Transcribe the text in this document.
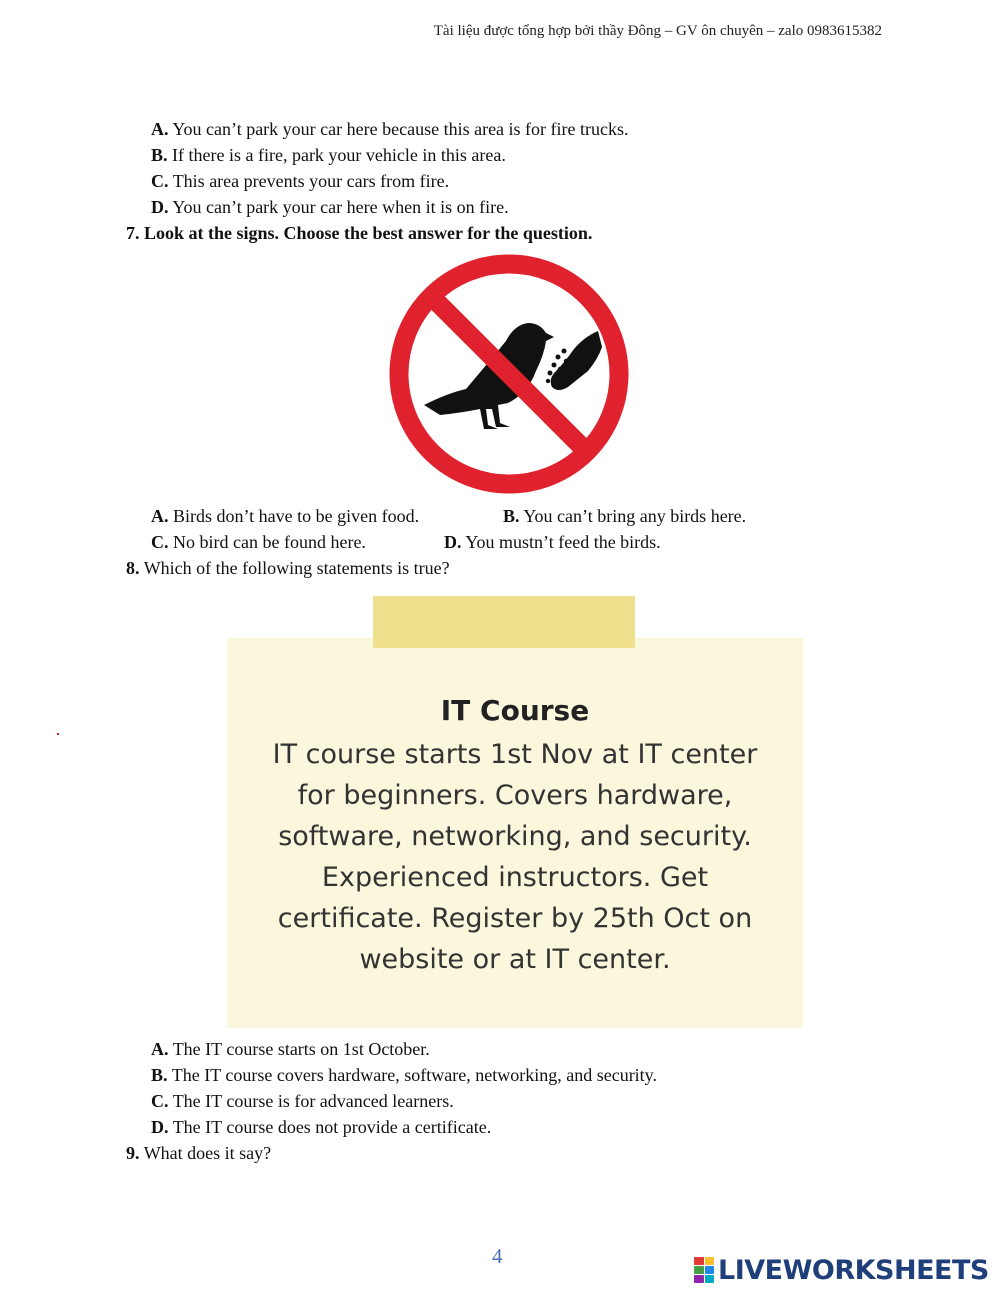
Tài liệu được tổng hợp bởi thầy Đông – GV ôn chuyên – zalo 0983615382
A. You can’t park your car here because this area is for fire trucks.
B. If there is a fire, park your vehicle in this area.
C. This area prevents your cars from fire.
D. You can’t park your car here when it is on fire.
7. Look at the signs. Choose the best answer for the question.
A. Birds don’t have to be given food.	B. You can’t bring any birds here.
C. No bird can be found here.	D. You mustn’t feed the birds.
8. Which of the following statements is true?
IT Course
IT course starts 1st Nov at IT center
for beginners. Covers hardware,
software, networking, and security.
Experienced instructors. Get
certificate. Register by 25th Oct on
website or at IT center.
A. The IT course starts on 1st October.
B. The IT course covers hardware, software, networking, and security.
C. The IT course is for advanced learners.
D. The IT course does not provide a certificate.
9. What does it say?
4	LIVEWORKSHEETS
